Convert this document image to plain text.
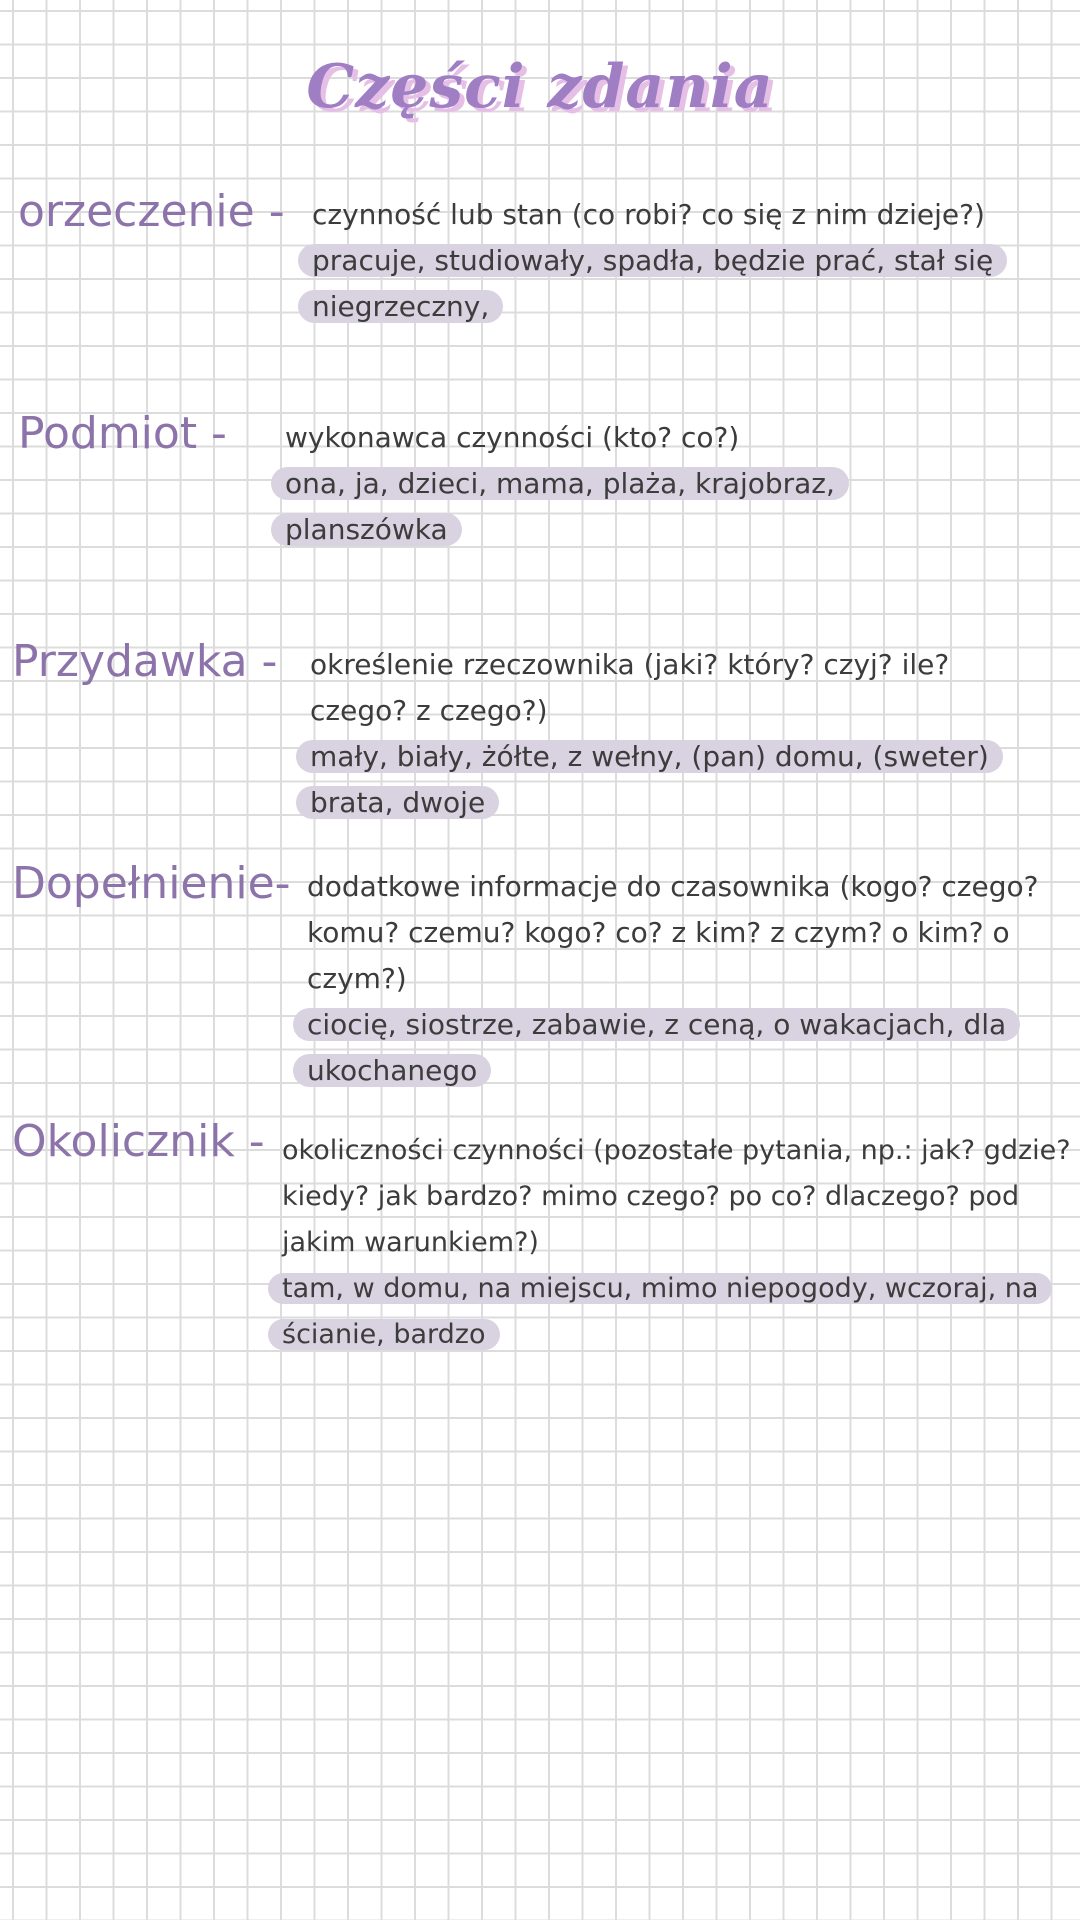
Części zdania
orzeczenie - czynność lub stan (co robi? co się z nim dzieje?)
pracuje, studiowały, spadła, będzie prać, stał się
niegrzeczny,
Podmiot - wykonawca czynności (kto? co?)
ona, ja, dzieci, mama, plaża, krajobraz,
planszówka
Przydawka - określenie rzeczownika (jaki? który? czyj? ile?
czego? z czego?)
mały, biały, żółte, z wełny, (pan) domu, (sweter)
brata, dwoje
Dopełnienie- dodatkowe informacje do czasownika (kogo? czego?
komu? czemu? kogo? co? z kim? z czym? o kim? o
czym?)
ciocię, siostrze, zabawie, z ceną, o wakacjach, dla
ukochanego
Okolicznik - okoliczności czynności (pozostałe pytania, np.: jak? gdzie?
kiedy? jak bardzo? mimo czego? po co? dlaczego? pod
jakim warunkiem?)
tam, w domu, na miejscu, mimo niepogody, wczoraj, na
ścianie, bardzo
